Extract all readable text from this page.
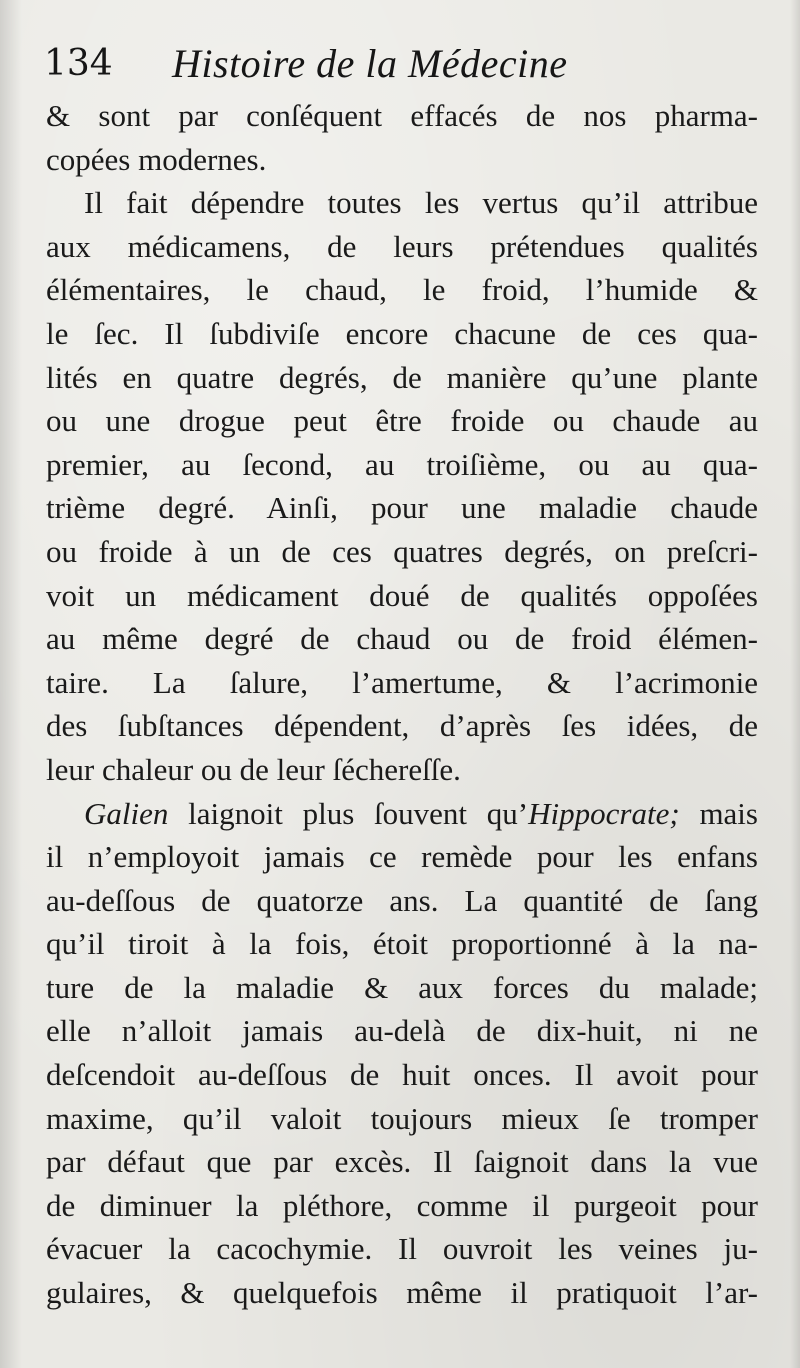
134 Histoire de la Médecine
& sont par conſéquent effacés de nos pharma-
copées modernes.
Il fait dépendre toutes les vertus qu’il attribue
aux médicamens, de leurs prétendues qualités
élémentaires, le chaud, le froid, l’humide &
le ſec. Il ſubdiviſe encore chacune de ces qua-
lités en quatre degrés, de manière qu’une plante
ou une drogue peut être froide ou chaude au
premier, au ſecond, au troiſième, ou au qua-
trième degré. Ainſi, pour une maladie chaude
ou froide à un de ces quatres degrés, on preſcri-
voit un médicament doué de qualités oppoſées
au même degré de chaud ou de froid élémen-
taire. La ſalure, l’amertume, & l’acrimonie
des ſubſtances dépendent, d’après ſes idées, de
leur chaleur ou de leur ſéchereſſe.
Galien laignoit plus ſouvent qu’Hippocrate; mais
il n’employoit jamais ce remède pour les enfans
au-deſſous de quatorze ans. La quantité de ſang
qu’il tiroit à la fois, étoit proportionné à la na-
ture de la maladie & aux forces du malade;
elle n’alloit jamais au-delà de dix-huit, ni ne
deſcendoit au-deſſous de huit onces. Il avoit pour
maxime, qu’il valoit toujours mieux ſe tromper
par défaut que par excès. Il ſaignoit dans la vue
de diminuer la pléthore, comme il purgeoit pour
évacuer la cacochymie. Il ouvroit les veines ju-
gulaires, & quelquefois même il pratiquoit l’ar-
